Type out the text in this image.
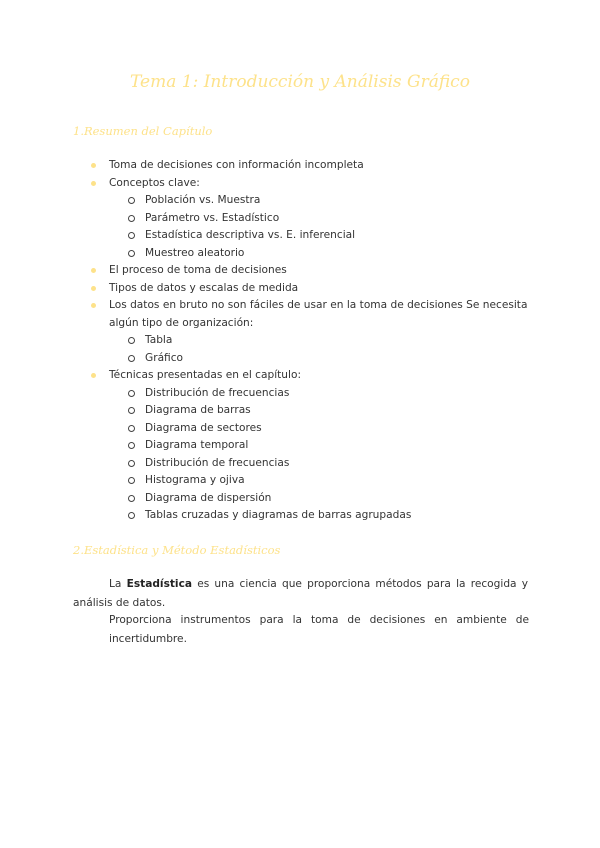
Tema 1: Introducción y Análisis Gráfico
1.Resumen del Capítulo
Toma de decisiones con información incompleta
Conceptos clave:
Población vs. Muestra
Parámetro vs. Estadístico
Estadística descriptiva vs. E. inferencial
Muestreo aleatorio
El proceso de toma de decisiones
Tipos de datos y escalas de medida
Los datos en bruto no son fáciles de usar en la toma de decisiones Se necesita algún tipo de organización:
Tabla
Gráfico
Técnicas presentadas en el capítulo:
Distribución de frecuencias
Diagrama de barras
Diagrama de sectores
Diagrama temporal
Distribución de frecuencias
Histograma y ojiva
Diagrama de dispersión
Tablas cruzadas y diagramas de barras agrupadas
2.Estadística y Método Estadísticos

La Estadística es una ciencia que proporciona métodos para la recogida y análisis de datos.

Proporciona instrumentos para la toma de decisiones en ambiente de incertidumbre.
